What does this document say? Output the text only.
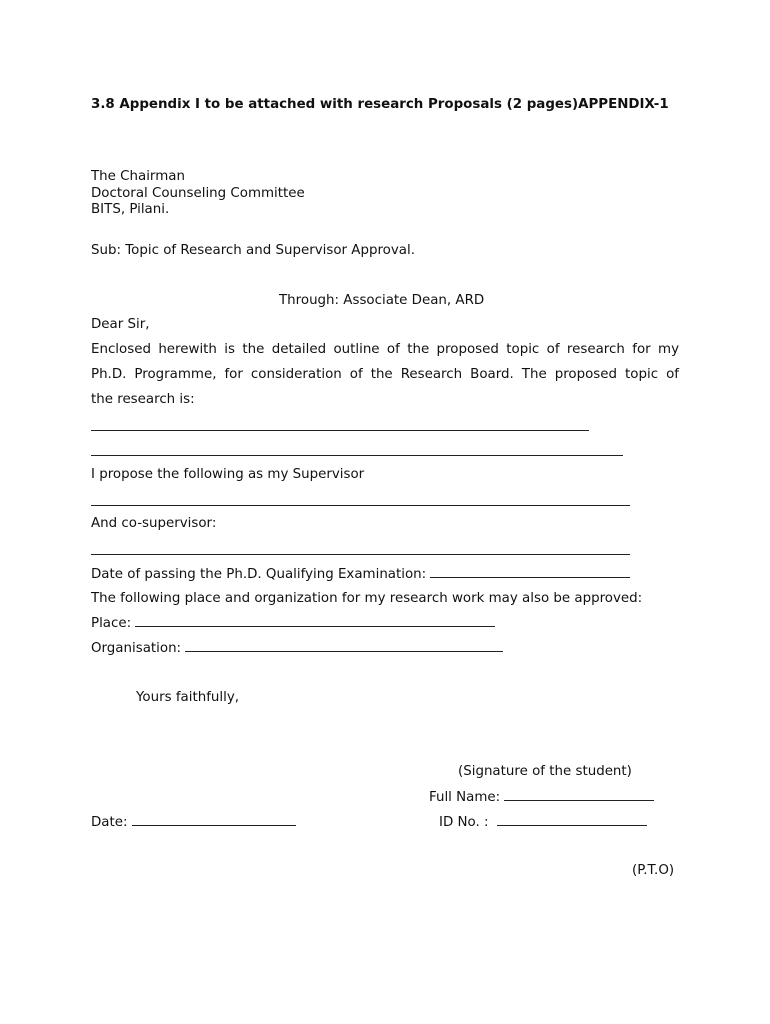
3.8 Appendix I to be attached with research Proposals (2 pages)APPENDIX-1
The Chairman
Doctoral Counseling Committee
BITS, Pilani.
Sub: Topic of Research and Supervisor Approval.
Through: Associate Dean, ARD
Dear Sir,
Enclosed herewith is the detailed outline of the proposed topic of research for my
Ph.D. Programme, for consideration of the Research Board. The proposed topic of
the research is:
I propose the following as my Supervisor
And co-supervisor:
Date of passing the Ph.D. Qualifying Examination:
The following place and organization for my research work may also be approved:
Place:
Organisation:
Yours faithfully,
(Signature of the student)
Full Name:
Date:	ID No. :
(P.T.O)
